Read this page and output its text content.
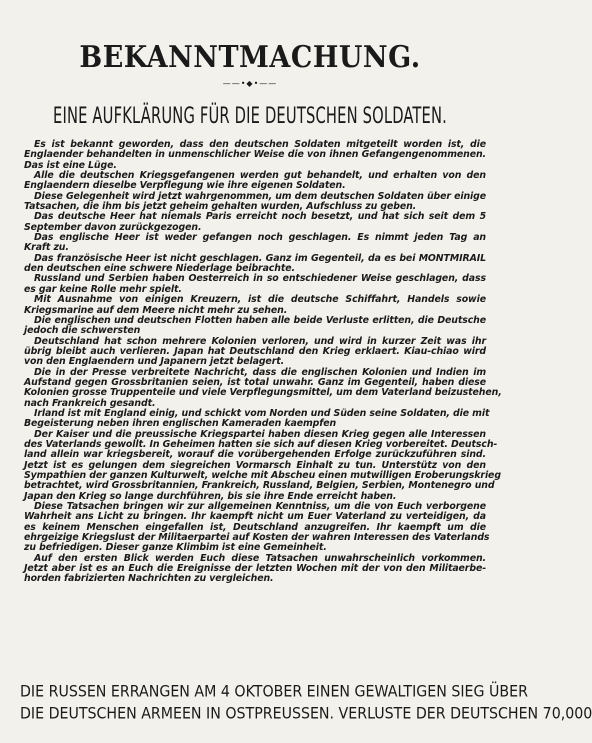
BEKANNTMACHUNG.
——•◆•——
EINE AUFKLÄRUNG FÜR DIE DEUTSCHEN SOLDATEN.
Es ist bekannt geworden, dass den deutschen Soldaten mitgeteilt worden ist, die
Englaender behandelten in unmenschlicher Weise die von ihnen Gefangengenommenen.
Das ist eine Lüge.
Alle die deutschen Kriegsgefangenen werden gut behandelt, und erhalten von den
Englaendern dieselbe Verpflegung wie ihre eigenen Soldaten.
Diese Gelegenheit wird jetzt wahrgenommen, um dem deutschen Soldaten über einige
Tatsachen, die ihm bis jetzt geheim gehalten wurden, Aufschluss zu geben.
Das deutsche Heer hat niemals Paris erreicht noch besetzt, und hat sich seit dem 5
September davon zurückgezogen.
Das englische Heer ist weder gefangen noch geschlagen. Es nimmt jeden Tag an
Kraft zu.
Das französische Heer ist nicht geschlagen. Ganz im Gegenteil, da es bei MONTMIRAIL
den deutschen eine schwere Niederlage beibrachte.
Russland und Serbien haben Oesterreich in so entschiedener Weise geschlagen, dass
es gar keine Rolle mehr spielt.
Mit Ausnahme von einigen Kreuzern, ist die deutsche Schiffahrt, Handels sowie
Kriegsmarine auf dem Meere nicht mehr zu sehen.
Die englischen und deutschen Flotten haben alle beide Verluste erlitten, die Deutsche
jedoch die schwersten
Deutschland hat schon mehrere Kolonien verloren, und wird in kurzer Zeit was ihr
übrig bleibt auch verlieren. Japan hat Deutschland den Krieg erklaert. Kiau-chiao wird
von den Englaendern und Japanern jetzt belagert.
Die in der Presse verbreitete Nachricht, dass die englischen Kolonien und Indien im
Aufstand gegen Grossbritanien seien, ist total unwahr. Ganz im Gegenteil, haben diese
Kolonien grosse Truppenteile und viele Verpflegungsmittel, um dem Vaterland beizustehen,
nach Frankreich gesandt.
Irland ist mit England einig, und schickt vom Norden und Süden seine Soldaten, die mit
Begeisterung neben ihren englischen Kameraden kaempfen
Der Kaiser und die preussische Kriegspartei haben diesen Krieg gegen alle Interessen
des Vaterlands gewollt. In Geheimen hatten sie sich auf diesen Krieg vorbereitet. Deutsch-
land allein war kriegsbereit, worauf die vorübergehenden Erfolge zurückzuführen sind.
Jetzt ist es gelungen dem siegreichen Vormarsch Einhalt zu tun. Unterstütz von den
Sympathien der ganzen Kulturwelt, welche mit Abscheu einen mutwilligen Eroberungskrieg
betrachtet, wird Grossbritannien, Frankreich, Russland, Belgien, Serbien, Montenegro und
Japan den Krieg so lange durchführen, bis sie ihre Ende erreicht haben.
Diese Tatsachen bringen wir zur allgemeinen Kenntniss, um die von Euch verborgene
Wahrheit ans Licht zu bringen. Ihr kaempft nicht um Euer Vaterland zu verteidigen, da
es keinem Menschen eingefallen ist, Deutschland anzugreifen. Ihr kaempft um die
ehrgeizige Kriegslust der Militaerpartei auf Kosten der wahren Interessen des Vaterlands
zu befriedigen. Dieser ganze Klimbim ist eine Gemeinheit.
Auf den ersten Blick werden Euch diese Tatsachen unwahrscheinlich vorkommen.
Jetzt aber ist es an Euch die Ereignisse der letzten Wochen mit der von den Militaerbe-
horden fabrizierten Nachrichten zu vergleichen.
DIE RUSSEN ERRANGEN AM 4 OKTOBER EINEN GEWALTIGEN SIEG ÜBER
DIE DEUTSCHEN ARMEEN IN OSTPREUSSEN. VERLUSTE DER DEUTSCHEN 70,000
